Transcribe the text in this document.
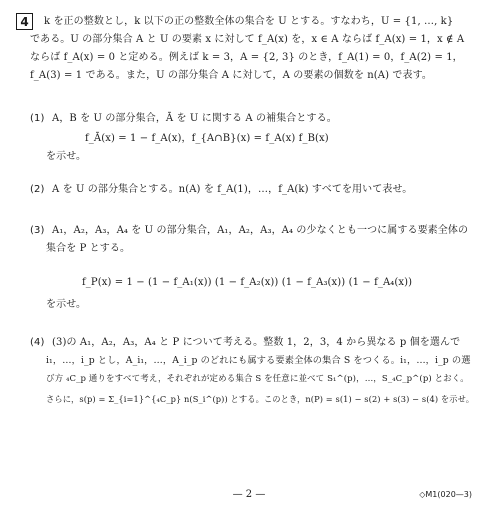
4	k を正の整数とし，k 以下の正の整数全体の集合を U とする。すなわち，U = {1, …, k}
である。U の部分集合 A と U の要素 x に対して f_A(x) を，x ∈ A ならば f_A(x) = 1，x ∉ A
ならば f_A(x) = 0 と定める。例えば k = 3，A = {2, 3} のとき，f_A(1) = 0，f_A(2) = 1，
f_A(3) = 1 である。また，U の部分集合 A に対して，A の要素の個数を n(A) で表す。
(1) A，B を U の部分集合，Ā を U に関する A の補集合とする。
f_Ā(x) = 1 − f_A(x)，f_{A∩B}(x) = f_A(x) f_B(x)
を示せ。
(2) A を U の部分集合とする。n(A) を f_A(1)，…，f_A(k) すべてを用いて表せ。
(3) A₁，A₂，A₃，A₄ を U の部分集合，A₁，A₂，A₃，A₄ の少なくとも一つに属する要素全体の
集合を P とする。
f_P(x) = 1 − (1 − f_A₁(x)) (1 − f_A₂(x)) (1 − f_A₃(x)) (1 − f_A₄(x))
を示せ。
(4) (3)の A₁，A₂，A₃，A₄ と P について考える。整数 1，2，3，4 から異なる p 個を選んで
i₁，…，i_p とし，A_i₁，…，A_i_p のどれにも属する要素全体の集合 S をつくる。i₁，…，i_p の選
び方 ₄C_p 通りをすべて考え，それぞれが定める集合 S を任意に並べて S₁^(p)，…，S_₄C_p^(p) とおく。
さらに，s(p) = Σ_{i=1}^{₄C_p} n(S_i^(p)) とする。このとき，n(P) = s(1) − s(2) + s(3) − s(4) を示せ。
— 2 —	◇M1(020—3)
